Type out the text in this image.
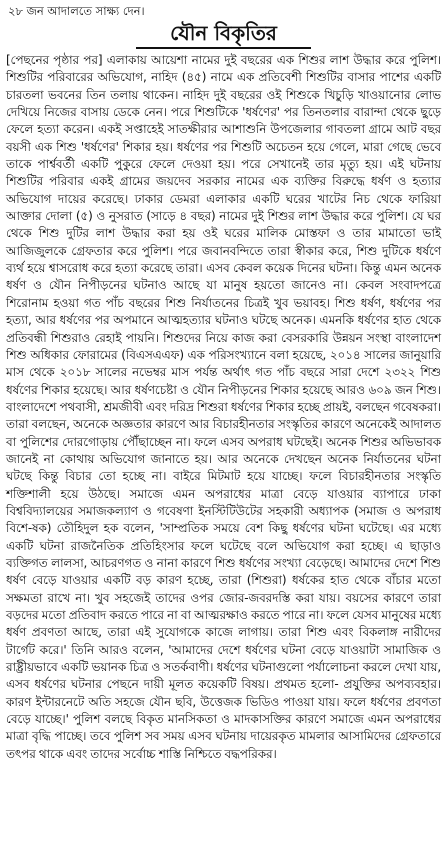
২৮ জন আদালতে সাক্ষ্য দেন।
যৌন বিকৃতির

[পেছনের পৃষ্ঠার পর] এলাকায় আয়েশা নামের দুই বছরের এক শিশুর লাশ উদ্ধার করে পুলিশ। শিশুটির পরিবারের অভিযোগ, নাহিদ (৪৫) নামে এক প্রতিবেশী শিশুটির বাসার পাশের একটি চারতলা ভবনের তিন তলায় থাকেন। নাহিদ দুই বছরের ওই শিশুকে খিচুড়ি খাওয়ানোর লোভ দেখিয়ে নিজের বাসায় ডেকে নেন। পরে শিশুটিকে 'ধর্ষণের' পর তিনতলার বারান্দা থেকে ছুড়ে ফেলে হত্যা করেন। একই সপ্তাহেই সাতক্ষীরার আশাশুনি উপজেলার গাবতলা গ্রামে আট বছর বয়সী এক শিশু 'ধর্ষণের' শিকার হয়। ধর্ষণের পর শিশুটি অচেতন হয়ে গেলে, মারা গেছে ভেবে তাকে পার্শ্ববর্তী একটি পুকুরে ফেলে দেওয়া হয়। পরে সেখানেই তার মৃত্যু হয়। এই ঘটনায় শিশুটির পরিবার একই গ্রামের জয়দেব সরকার নামের এক ব্যক্তির বিরুদ্ধে ধর্ষণ ও হত্যার অভিযোগ দায়ের করেছে। ঢাকার ডেমরা এলাকার একটি ঘরের খাটের নিচ থেকে ফারিয়া আক্তার দোলা (৫) ও নুসরাত (সাড়ে ৪ বছর) নামের দুই শিশুর লাশ উদ্ধার করে পুলিশ। যে ঘর থেকে শিশু দুটির লাশ উদ্ধার করা হয় ওই ঘরের মালিক মোস্তফা ও তার মামাতো ভাই আজিজুলকে গ্রেফতার করে পুলিশ। পরে জবানবন্দিতে তারা স্বীকার করে, শিশু দুটিকে ধর্ষণে ব্যর্থ হয়ে শ্বাসরোধ করে হত্যা করেছে তারা। এসব কেবল কয়েক দিনের ঘটনা। কিন্তু এমন অনেক ধর্ষণ ও যৌন নিপীড়নের ঘটনাও আছে যা মানুষ হয়তো জানেও না। কেবল সংবাদপত্রে শিরোনাম হওয়া গত পাঁচ বছরের শিশু নির্যাতনের চিত্রই খুব ভয়াবহ। শিশু ধর্ষণ, ধর্ষণের পর হত্যা, আর ধর্ষণের পর অপমানে আত্মহত্যার ঘটনাও ঘটছে অনেক। এমনকি ধর্ষণের হাত থেকে প্রতিবন্ধী শিশুরাও রেহাই পায়নি। শিশুদের নিয়ে কাজ করা বেসরকারি উন্নয়ন সংস্থা বাংলাদেশ শিশু অধিকার ফোরামের (বিএসএএফ) এক পরিসংখ্যানে বলা হয়েছে, ২০১৪ সালের জানুয়ারি মাস থেকে ২০১৮ সালের নভেম্বর মাস পর্যন্ত অর্থাৎ গত পাঁচ বছরে সারা দেশে ২৩২২ শিশু ধর্ষণের শিকার হয়েছে। আর ধর্ষণচেষ্টা ও যৌন নিপীড়নের শিকার হয়েছে আরও ৬০৯ জন শিশু। বাংলাদেশে পথবাসী, শ্রমজীবী এবং দরিদ্র শিশুরা ধর্ষণের শিকার হচ্ছে প্রায়ই, বলছেন গবেষকরা। তারা বলছেন, অনেকে অজ্ঞতার কারণে আর বিচারহীনতার সংস্কৃতির কারণে অনেকেই আদালত বা পুলিশের দোরগোড়ায় পৌঁছাচ্ছেন না। ফলে এসব অপরাধ ঘটছেই। অনেক শিশুর অভিভাবক জানেই না কোথায় অভিযোগ জানাতে হয়। আর অনেকে দেখছেন অনেক নির্যাতনের ঘটনা ঘটছে কিন্তু বিচার তো হচ্ছে না। বাইরে মিটমাট হয়ে যাচ্ছে। ফলে বিচারহীনতার সংস্কৃতি শক্তিশালী হয়ে উঠছে। সমাজে এমন অপরাধের মাত্রা বেড়ে যাওয়ার ব্যাপারে ঢাকা বিশ্ববিদ্যালয়ের সমাজকল্যাণ ও গবেষণা ইনস্টিটিউটের সহকারী অধ্যাপক (সমাজ ও অপরাধ বিশে-ষক) তৌহিদুল হক বলেন, 'সাম্প্রতিক সময়ে বেশ কিছু ধর্ষণের ঘটনা ঘটেছে। এর মধ্যে একটি ঘটনা রাজনৈতিক প্রতিহিংসার ফলে ঘটেছে বলে অভিযোগ করা হচ্ছে। এ ছাড়াও ব্যক্তিগত লালসা, আচরণগত ও নানা কারণে শিশু ধর্ষণের সংখ্যা বেড়েছে। আমাদের দেশে শিশু ধর্ষণ বেড়ে যাওয়ার একটি বড় কারণ হচ্ছে, তারা (শিশুরা) ধর্ষকের হাত থেকে বাঁচার মতো সক্ষমতা রাখে না। খুব সহজেই তাদের ওপর জোর-জবরদস্তি করা যায়। বয়সের কারণে তারা বড়দের মতো প্রতিবাদ করতে পারে না বা আত্মরক্ষাও করতে পারে না। ফলে যেসব মানুষের মধ্যে ধর্ষণ প্রবণতা আছে, তারা এই সুযোগকে কাজে লাগায়। তারা শিশু এবং বিকলাঙ্গ নারীদের টার্গেট করে।' তিনি আরও বলেন, 'আমাদের দেশে ধর্ষণের ঘটনা বেড়ে যাওয়াটা সামাজিক ও রাষ্ট্রীয়ভাবে একটি ভয়ানক চিত্র ও সতর্কবাণী। ধর্ষণের ঘটনাগুলো পর্যালোচনা করলে দেখা যায়, এসব ধর্ষণের ঘটনার পেছনে দায়ী মূলত কয়েকটি বিষয়। প্রথমত হলো- প্রযুক্তির অপব্যবহার। কারণ ইন্টারনেটে অতি সহজে যৌন ছবি, উত্তেজক ভিডিও পাওয়া যায়। ফলে ধর্ষণের প্রবণতা বেড়ে যাচ্ছে।' পুলিশ বলছে বিকৃত মানসিকতা ও মাদকাসক্তির কারণে সমাজে এমন অপরাধের মাত্রা বৃদ্ধি পাচ্ছে। তবে পুলিশ সব সময় এসব ঘটনায় দায়েরকৃত মামলার আসামিদের গ্রেফতারে তৎপর থাকে এবং তাদের সর্বোচ্চ শাস্তি নিশ্চিতে বদ্ধপরিকর।
